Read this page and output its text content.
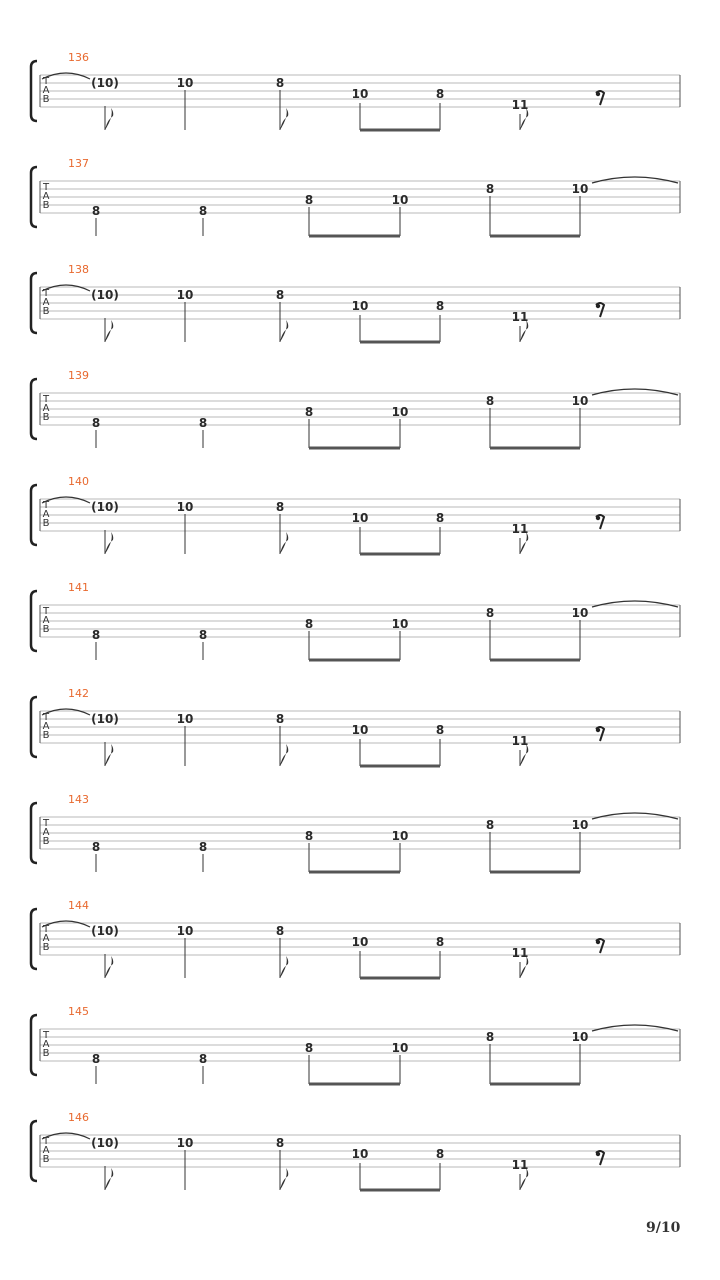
T
A
B
136
(10)	10	8
10	8
11
T
A
B
137
8	8
8	10
8	10
T
A
B
138
(10)	10	8
10	8
11
T
A
B
139
8	8
8	10
8	10
T
A
B
140
(10)	10	8
10	8
11
T
A
B
141
8	8
8	10
8	10
T
A
B
142
(10)	10	8
10	8
11
T
A
B
143
8	8
8	10
8	10
T
A
B
144
(10)	10	8
10	8
11
T
A
B
145
8	8
8	10
8	10
T
A
B
146
(10)	10	8
10	8
11
9/10
